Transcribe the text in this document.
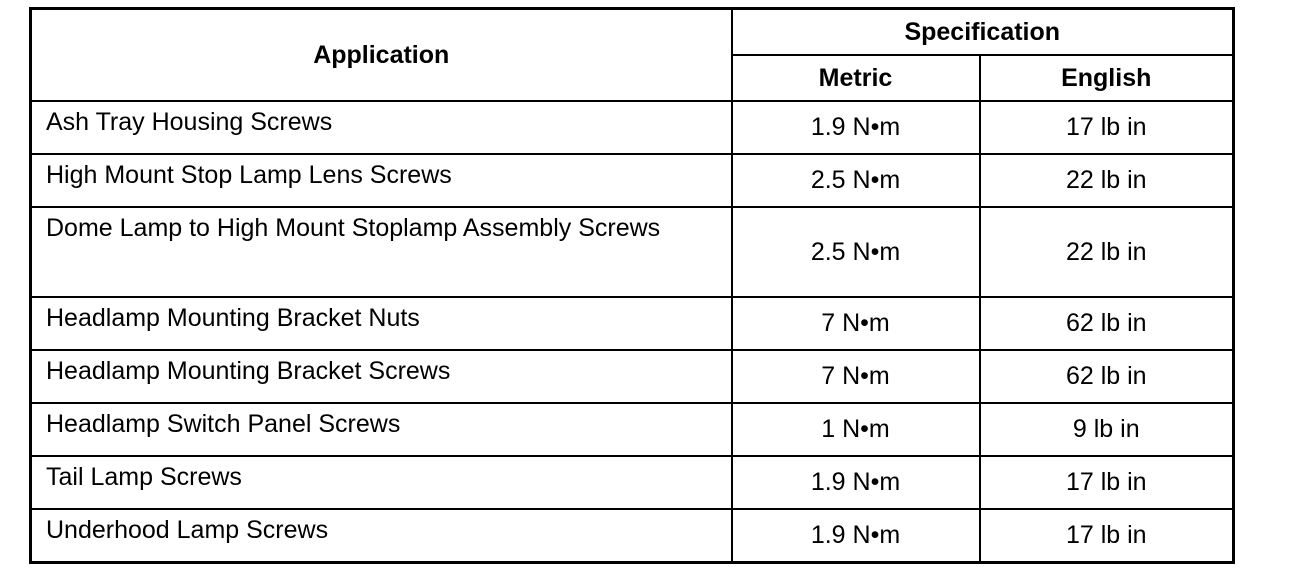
Application	Specification	
	Metric	English
Ash Tray Housing Screws	1.9 N•m	17 lb in
High Mount Stop Lamp Lens Screws	2.5 N•m	22 lb in
Dome Lamp to High Mount Stoplamp Assembly Screws	2.5 N•m	22 lb in
Headlamp Mounting Bracket Nuts	7 N•m	62 lb in
Headlamp Mounting Bracket Screws	7 N•m	62 lb in
Headlamp Switch Panel Screws	1 N•m	9 lb in
Tail Lamp Screws	1.9 N•m	17 lb in
Underhood Lamp Screws	1.9 N•m	17 lb in
